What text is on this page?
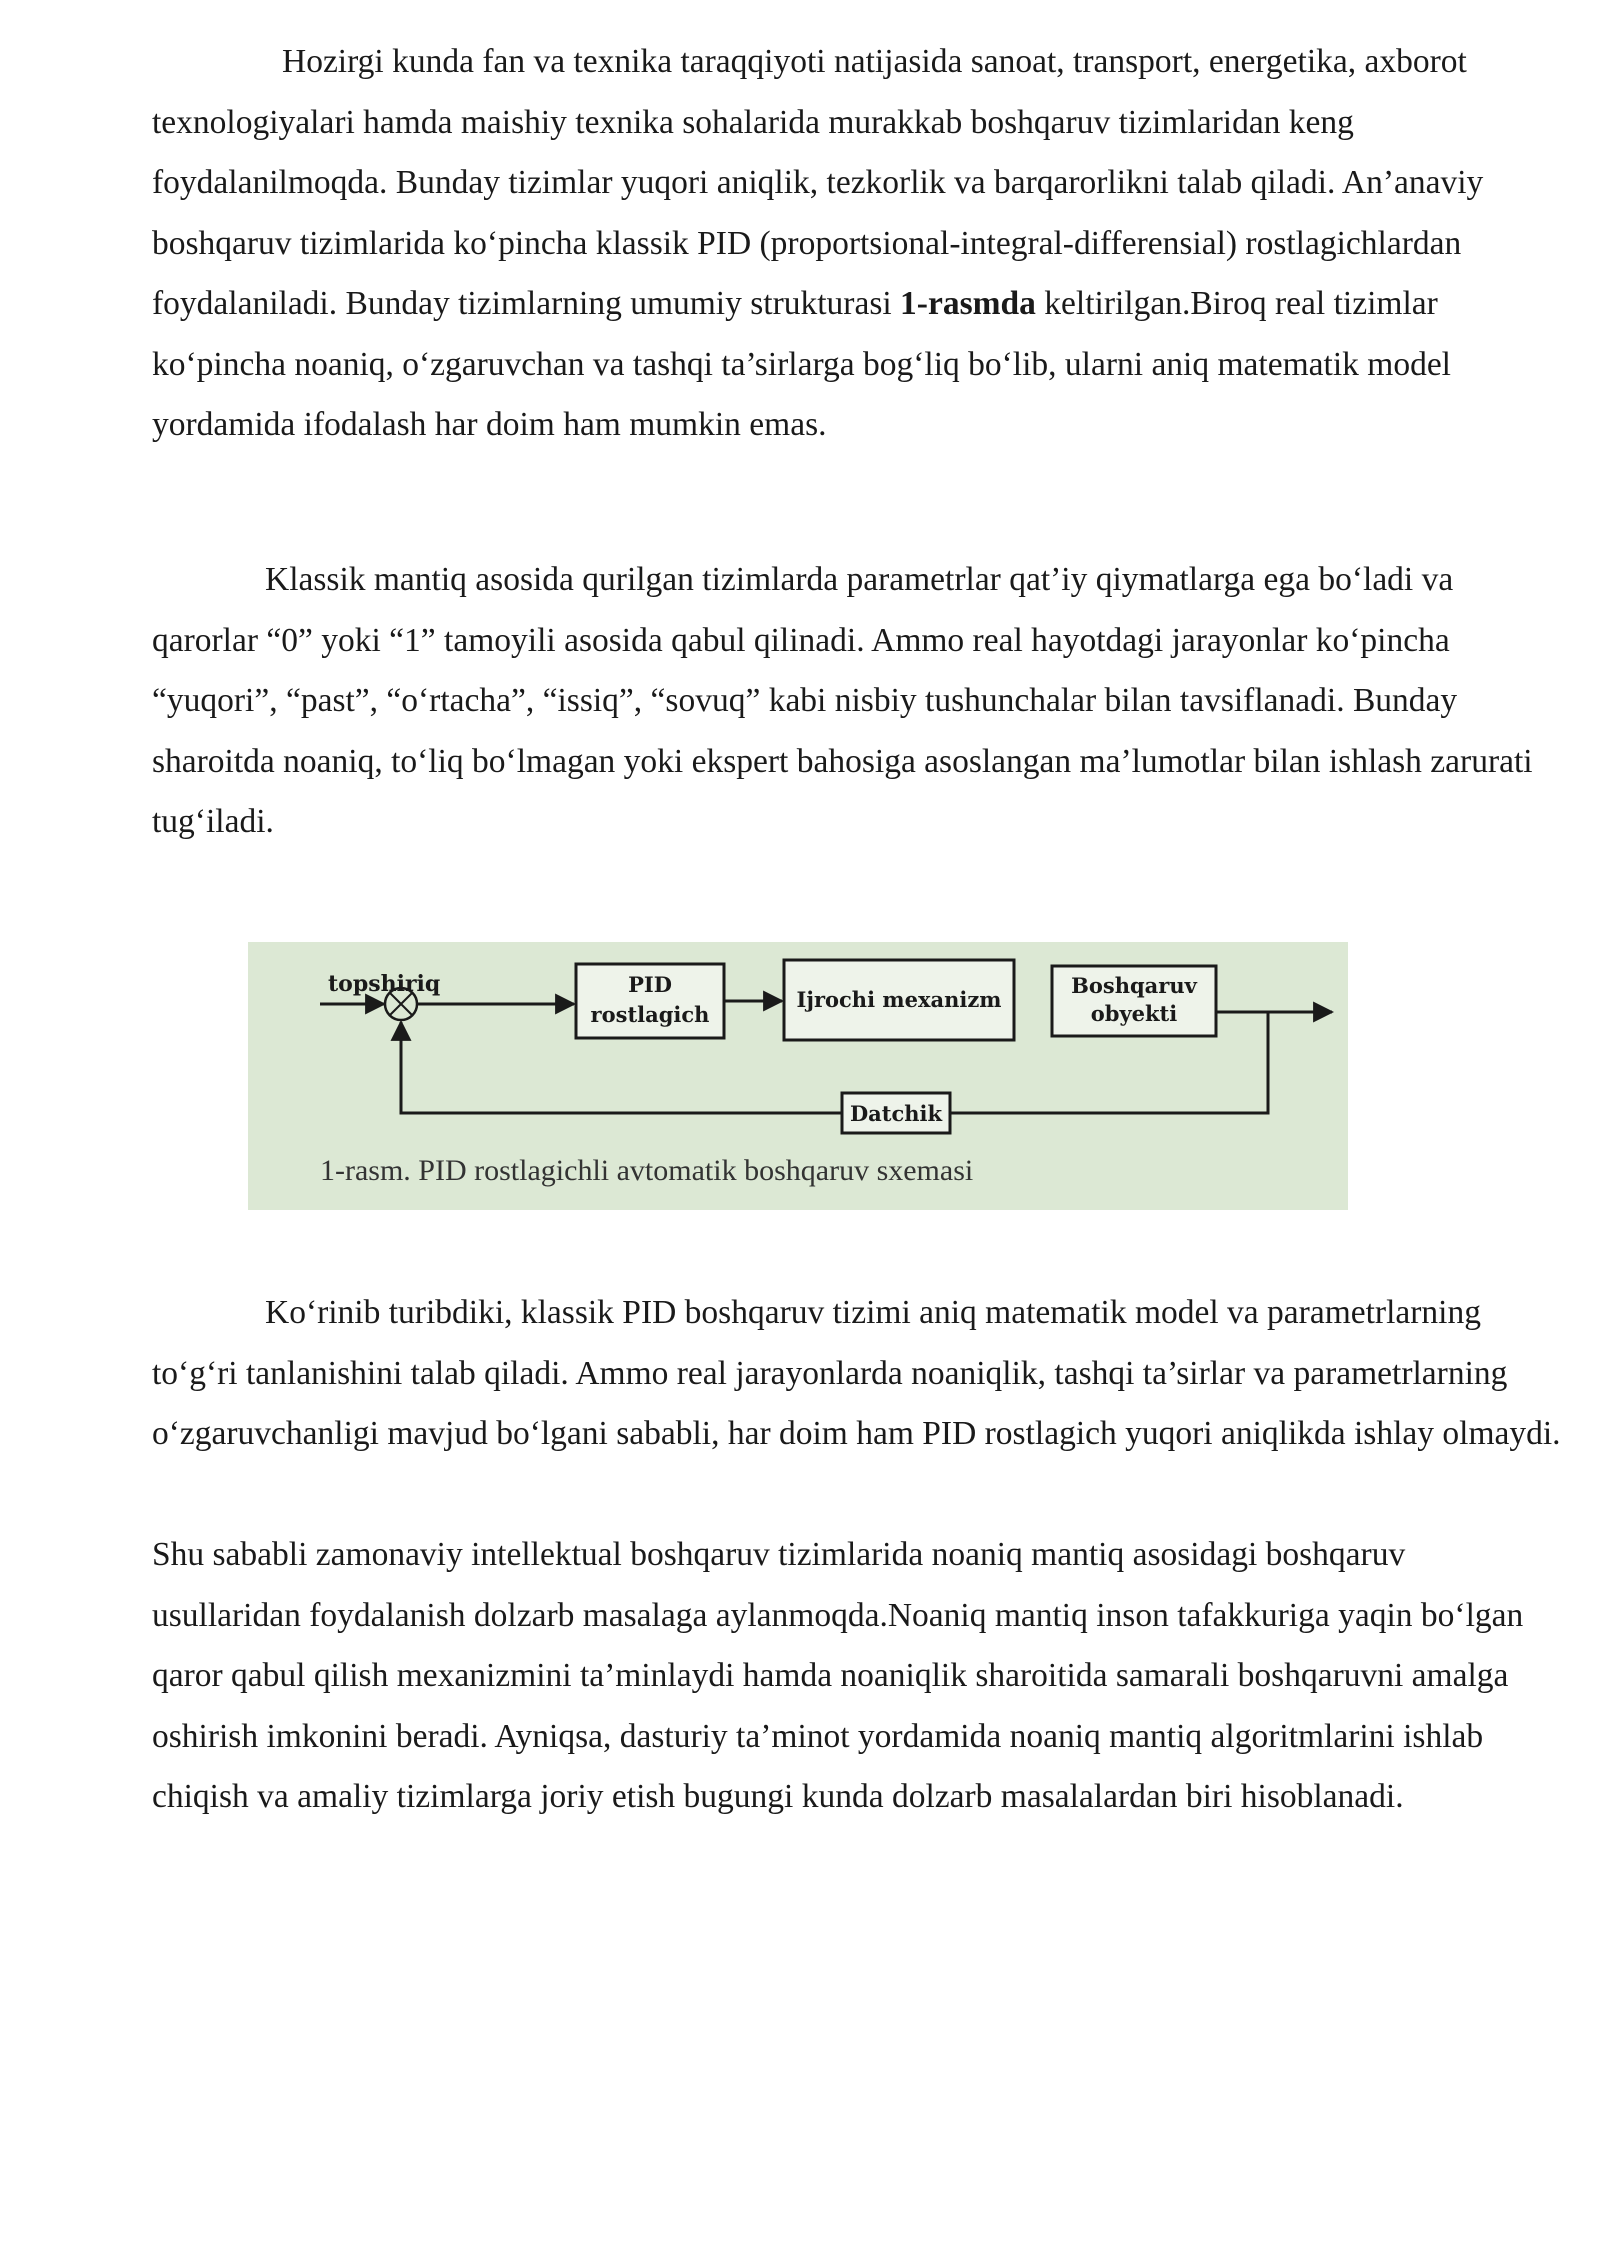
Hozirgi kunda fan va texnika taraqqiyoti natijasida sanoat, transport, energetika, axborot texnologiyalari hamda maishiy texnika sohalarida murakkab boshqaruv tizimlaridan keng foydalanilmoqda. Bunday tizimlar yuqori aniqlik, tezkorlik va barqarorlikni talab qiladi. An’anaviy boshqaruv tizimlarida ko‘pincha klassik PID (proportsional-integral-differensial) rostlagichlardan foydalaniladi. Bunday tizimlarning umumiy strukturasi 1-rasmda keltirilgan.Biroq real tizimlar ko‘pincha noaniq, o‘zgaruvchan va tashqi ta’sirlarga bog‘liq bo‘lib, ularni aniq matematik model yordamida ifodalash har doim ham mumkin emas.

Klassik mantiq asosida qurilgan tizimlarda parametrlar qat’iy qiymatlarga ega bo‘ladi va qarorlar “0” yoki “1” tamoyili asosida qabul qilinadi. Ammo real hayotdagi jarayonlar ko‘pincha “yuqori”, “past”, “o‘rtacha”, “issiq”, “sovuq” kabi nisbiy tushunchalar bilan tavsiflanadi. Bunday sharoitda noaniq, to‘liq bo‘lmagan yoki ekspert bahosiga asoslangan ma’lumotlar bilan ishlash zarurati tug‘iladi.

topshiriq	PID
rostlagich
Ijrochi mexanizm
Boshqaruv
obyekti
Datchik
1-rasm. PID rostlagichli avtomatik boshqaruv sxemasi

Ko‘rinib turibdiki, klassik PID boshqaruv tizimi aniq matematik model va parametrlarning to‘g‘ri tanlanishini talab qiladi. Ammo real jarayonlarda noaniqlik, tashqi ta’sirlar va parametrlarning o‘zgaruvchanligi mavjud bo‘lgani sababli, har doim ham PID rostlagich yuqori aniqlikda ishlay olmaydi.

Shu sababli zamonaviy intellektual boshqaruv tizimlarida noaniq mantiq asosidagi boshqaruv usullaridan foydalanish dolzarb masalaga aylanmoqda.Noaniq mantiq inson tafakkuriga yaqin bo‘lgan qaror qabul qilish mexanizmini ta’minlaydi hamda noaniqlik sharoitida samarali boshqaruvni amalga oshirish imkonini beradi. Ayniqsa, dasturiy ta’minot yordamida noaniq mantiq algoritmlarini ishlab chiqish va amaliy tizimlarga joriy etish bugungi kunda dolzarb masalalardan biri hisoblanadi.
